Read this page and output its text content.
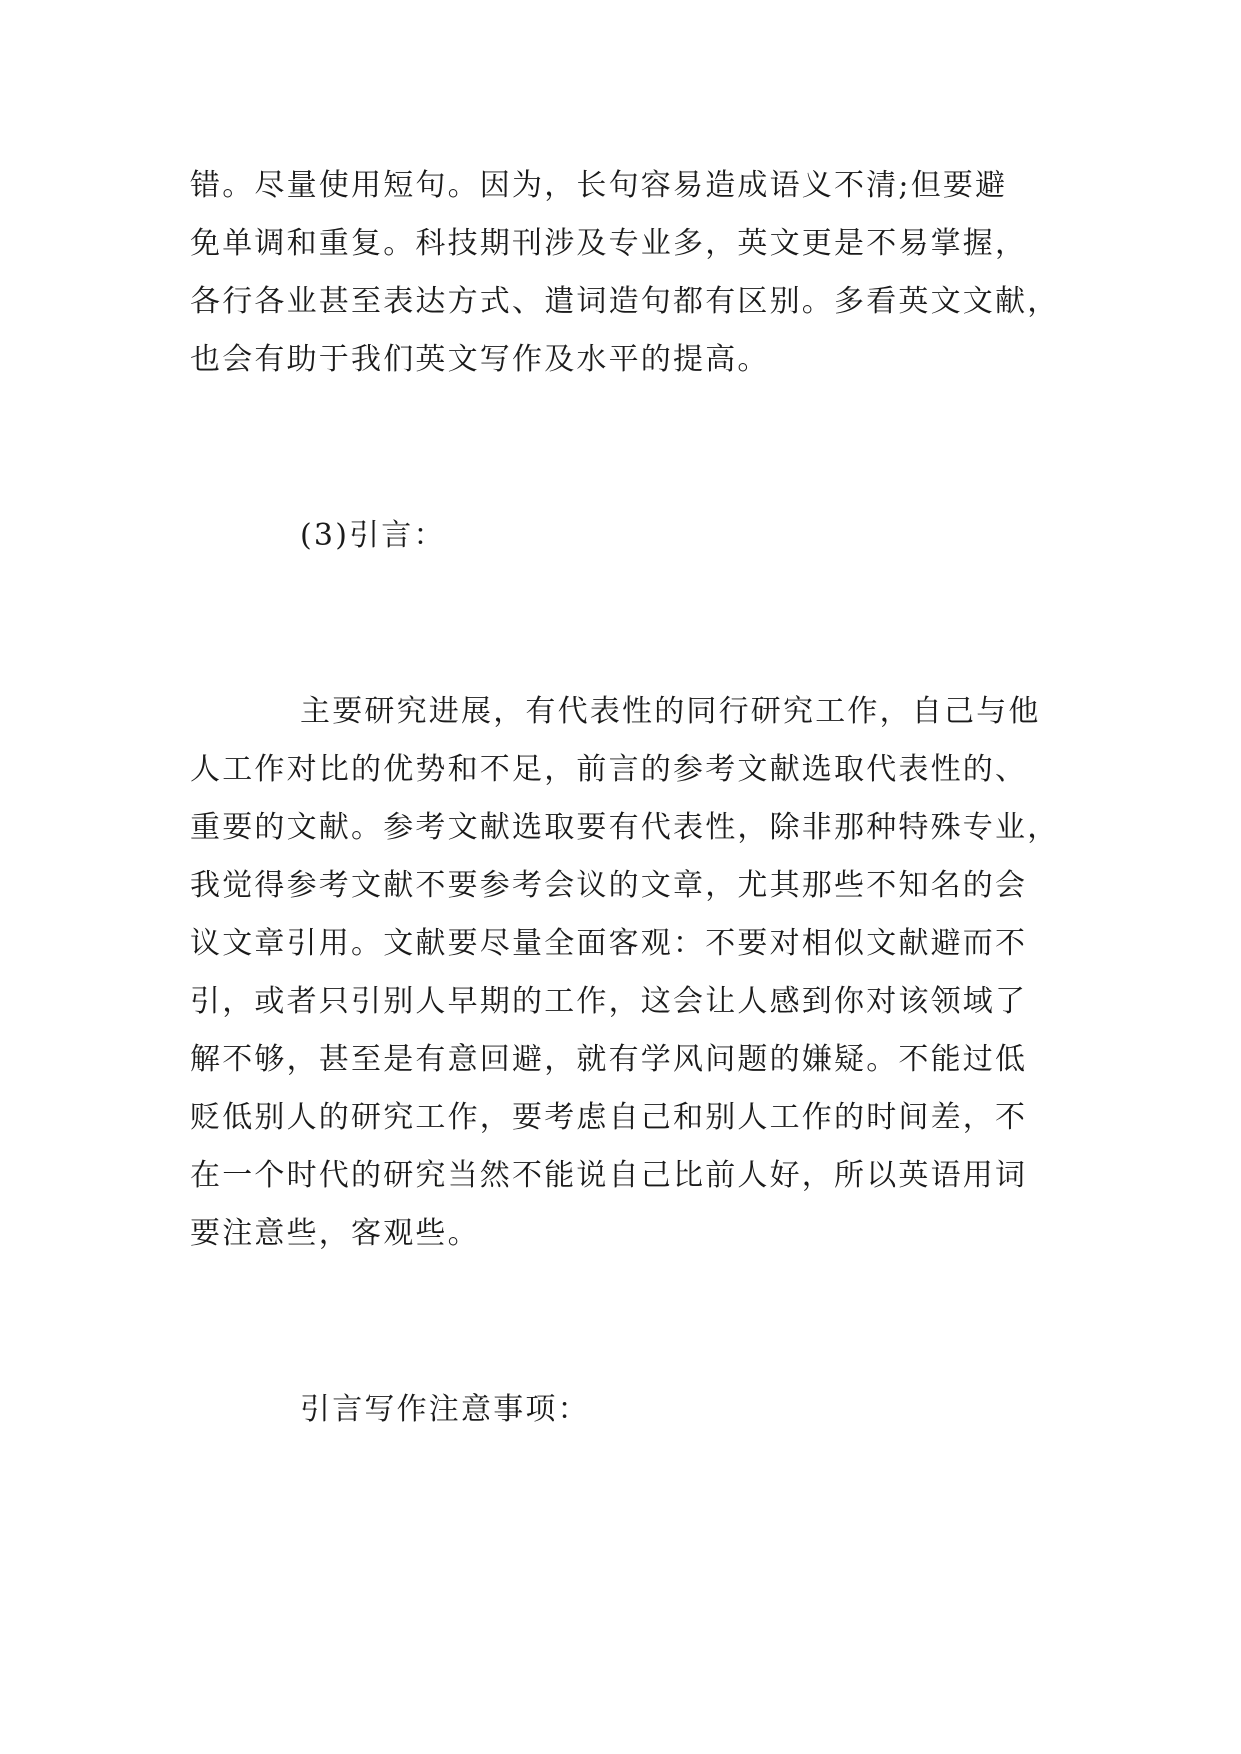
错。尽量使用短句。因为，长句容易造成语义不清;但要避
免单调和重复。科技期刊涉及专业多，英文更是不易掌握，
各行各业甚至表达方式、遣词造句都有区别。多看英文文献，
也会有助于我们英文写作及水平的提高。
(3)引言：
主要研究进展，有代表性的同行研究工作，自己与他
人工作对比的优势和不足，前言的参考文献选取代表性的、
重要的文献。参考文献选取要有代表性，除非那种特殊专业，
我觉得参考文献不要参考会议的文章，尤其那些不知名的会
议文章引用。文献要尽量全面客观：不要对相似文献避而不
引，或者只引别人早期的工作，这会让人感到你对该领域了
解不够，甚至是有意回避，就有学风问题的嫌疑。不能过低
贬低别人的研究工作，要考虑自己和别人工作的时间差，不
在一个时代的研究当然不能说自己比前人好，所以英语用词
要注意些，客观些。
引言写作注意事项：
